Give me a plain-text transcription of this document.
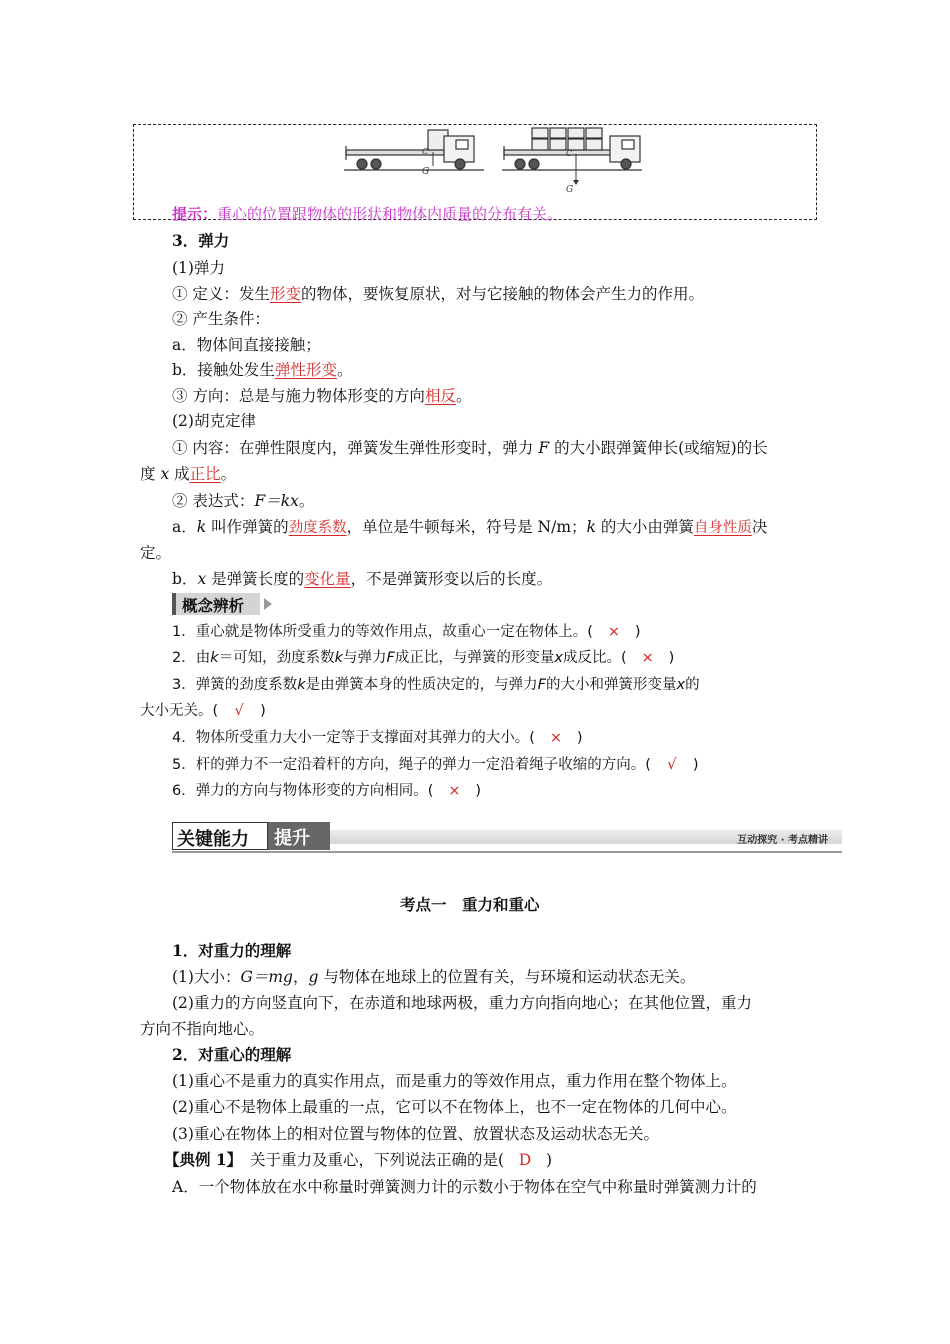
C
G
C
G
提示：重心的位置跟物体的形状和物体内质量的分布有关。
3．弹力
(1)弹力
① 定义：发生形变的物体，要恢复原状，对与它接触的物体会产生力的作用。
② 产生条件：
a．物体间直接接触；
b．接触处发生弹性形变。
③ 方向：总是与施力物体形变的方向相反。
(2)胡克定律
① 内容：在弹性限度内，弹簧发生弹性形变时，弹力 F 的大小跟弹簧伸长(或缩短)的长
度 x 成正比。
② 表达式：F＝kx。
a．k 叫作弹簧的劲度系数，单位是牛顿每米，符号是 N/m；k 的大小由弹簧自身性质决
定。
b．x 是弹簧长度的变化量，不是弹簧形变以后的长度。
概念辨析
1．重心就是物体所受重力的等效作用点，故重心一定在物体上。( × )
2．由k＝可知，劲度系数k与弹力F成正比，与弹簧的形变量x成反比。( × )
3．弹簧的劲度系数k是由弹簧本身的性质决定的，与弹力F的大小和弹簧形变量x的
大小无关。( √ )
4．物体所受重力大小一定等于支撑面对其弹力的大小。( × )
5．杆的弹力不一定沿着杆的方向，绳子的弹力一定沿着绳子收缩的方向。( √ )
6．弹力的方向与物体形变的方向相同。( × )
关键能力 提升	互动探究 · 考点精讲
考点一　重力和重心
1．对重力的理解
(1)大小：G＝mg，g 与物体在地球上的位置有关，与环境和运动状态无关。
(2)重力的方向竖直向下，在赤道和地球两极，重力方向指向地心；在其他位置，重力
方向不指向地心。
2．对重心的理解
(1)重心不是重力的真实作用点，而是重力的等效作用点，重力作用在整个物体上。
(2)重心不是物体上最重的一点，它可以不在物体上，也不一定在物体的几何中心。
(3)重心在物体上的相对位置与物体的位置、放置状态及运动状态无关。
【典例 1】　关于重力及重心，下列说法正确的是( D )
A．一个物体放在水中称量时弹簧测力计的示数小于物体在空气中称量时弹簧测力计的
